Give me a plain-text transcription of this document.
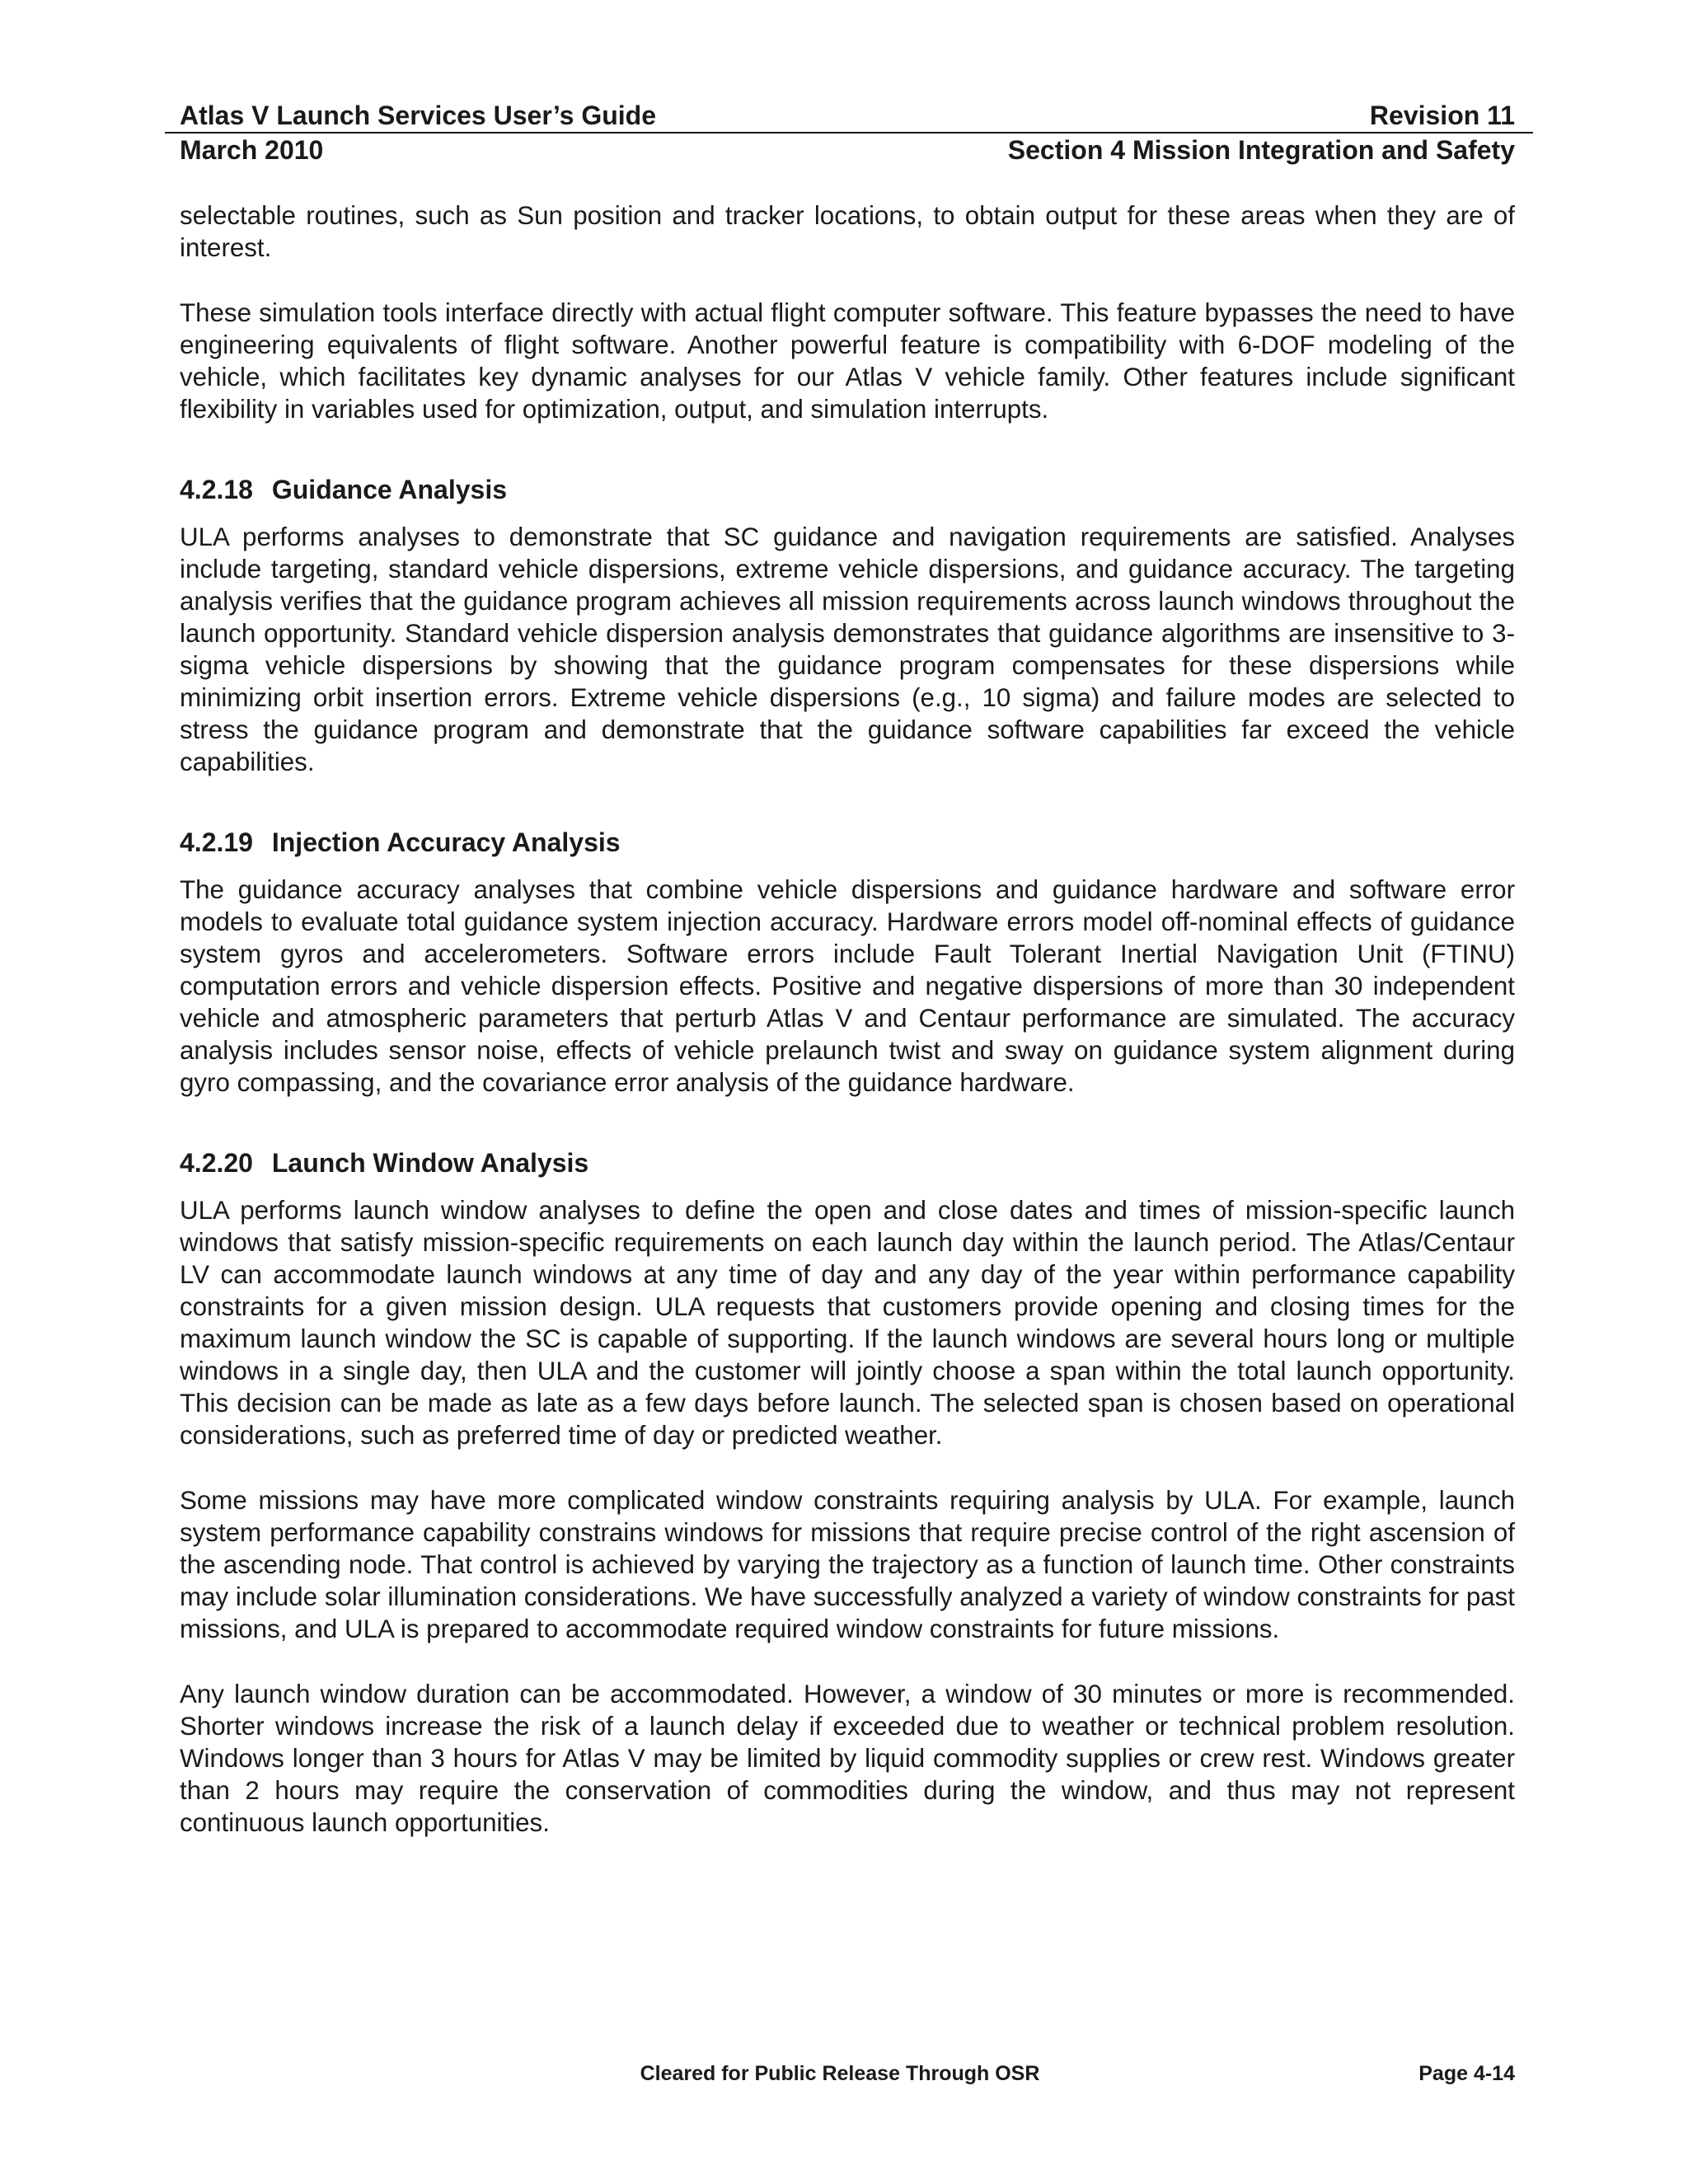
Atlas V Launch Services User’s Guide	Revision 11
March 2010	Section 4 Mission Integration and Safety

selectable routines, such as Sun position and tracker locations, to obtain output for these areas when they are of interest.

These simulation tools interface directly with actual flight computer software. This feature bypasses the need to have engineering equivalents of flight software. Another powerful feature is compatibility with 6-DOF modeling of the vehicle, which facilitates key dynamic analyses for our Atlas V vehicle family. Other features include significant flexibility in variables used for optimization, output, and simulation interrupts.

4.2.18 Guidance Analysis

ULA performs analyses to demonstrate that SC guidance and navigation requirements are satisfied. Analyses include targeting, standard vehicle dispersions, extreme vehicle dispersions, and guidance accuracy. The targeting analysis verifies that the guidance program achieves all mission requirements across launch windows throughout the launch opportunity. Standard vehicle dispersion analysis demonstrates that guidance algorithms are insensitive to 3-sigma vehicle dispersions by showing that the guidance program compensates for these dispersions while minimizing orbit insertion errors. Extreme vehicle dispersions (e.g., 10 sigma) and failure modes are selected to stress the guidance program and demonstrate that the guidance software capabilities far exceed the vehicle capabilities.

4.2.19 Injection Accuracy Analysis

The guidance accuracy analyses that combine vehicle dispersions and guidance hardware and software error models to evaluate total guidance system injection accuracy. Hardware errors model off-nominal effects of guidance system gyros and accelerometers. Software errors include Fault Tolerant Inertial Navigation Unit (FTINU) computation errors and vehicle dispersion effects. Positive and negative dispersions of more than 30 independent vehicle and atmospheric parameters that perturb Atlas V and Centaur performance are simulated. The accuracy analysis includes sensor noise, effects of vehicle prelaunch twist and sway on guidance system alignment during gyro compassing, and the covariance error analysis of the guidance hardware.

4.2.20 Launch Window Analysis

ULA performs launch window analyses to define the open and close dates and times of mission-specific launch windows that satisfy mission-specific requirements on each launch day within the launch period. The Atlas/Centaur LV can accommodate launch windows at any time of day and any day of the year within performance capability constraints for a given mission design. ULA requests that customers provide opening and closing times for the maximum launch window the SC is capable of supporting. If the launch windows are several hours long or multiple windows in a single day, then ULA and the customer will jointly choose a span within the total launch opportunity. This decision can be made as late as a few days before launch. The selected span is chosen based on operational considerations, such as preferred time of day or predicted weather.

Some missions may have more complicated window constraints requiring analysis by ULA. For example, launch system performance capability constrains windows for missions that require precise control of the right ascension of the ascending node. That control is achieved by varying the trajectory as a function of launch time. Other constraints may include solar illumination considerations. We have successfully analyzed a variety of window constraints for past missions, and ULA is prepared to accommodate required window constraints for future missions.

Any launch window duration can be accommodated. However, a window of 30 minutes or more is recommended. Shorter windows increase the risk of a launch delay if exceeded due to weather or technical problem resolution. Windows longer than 3 hours for Atlas V may be limited by liquid commodity supplies or crew rest. Windows greater than 2 hours may require the conservation of commodities during the window, and thus may not represent continuous launch opportunities.

Cleared for Public Release Through OSR	Page 4-14
